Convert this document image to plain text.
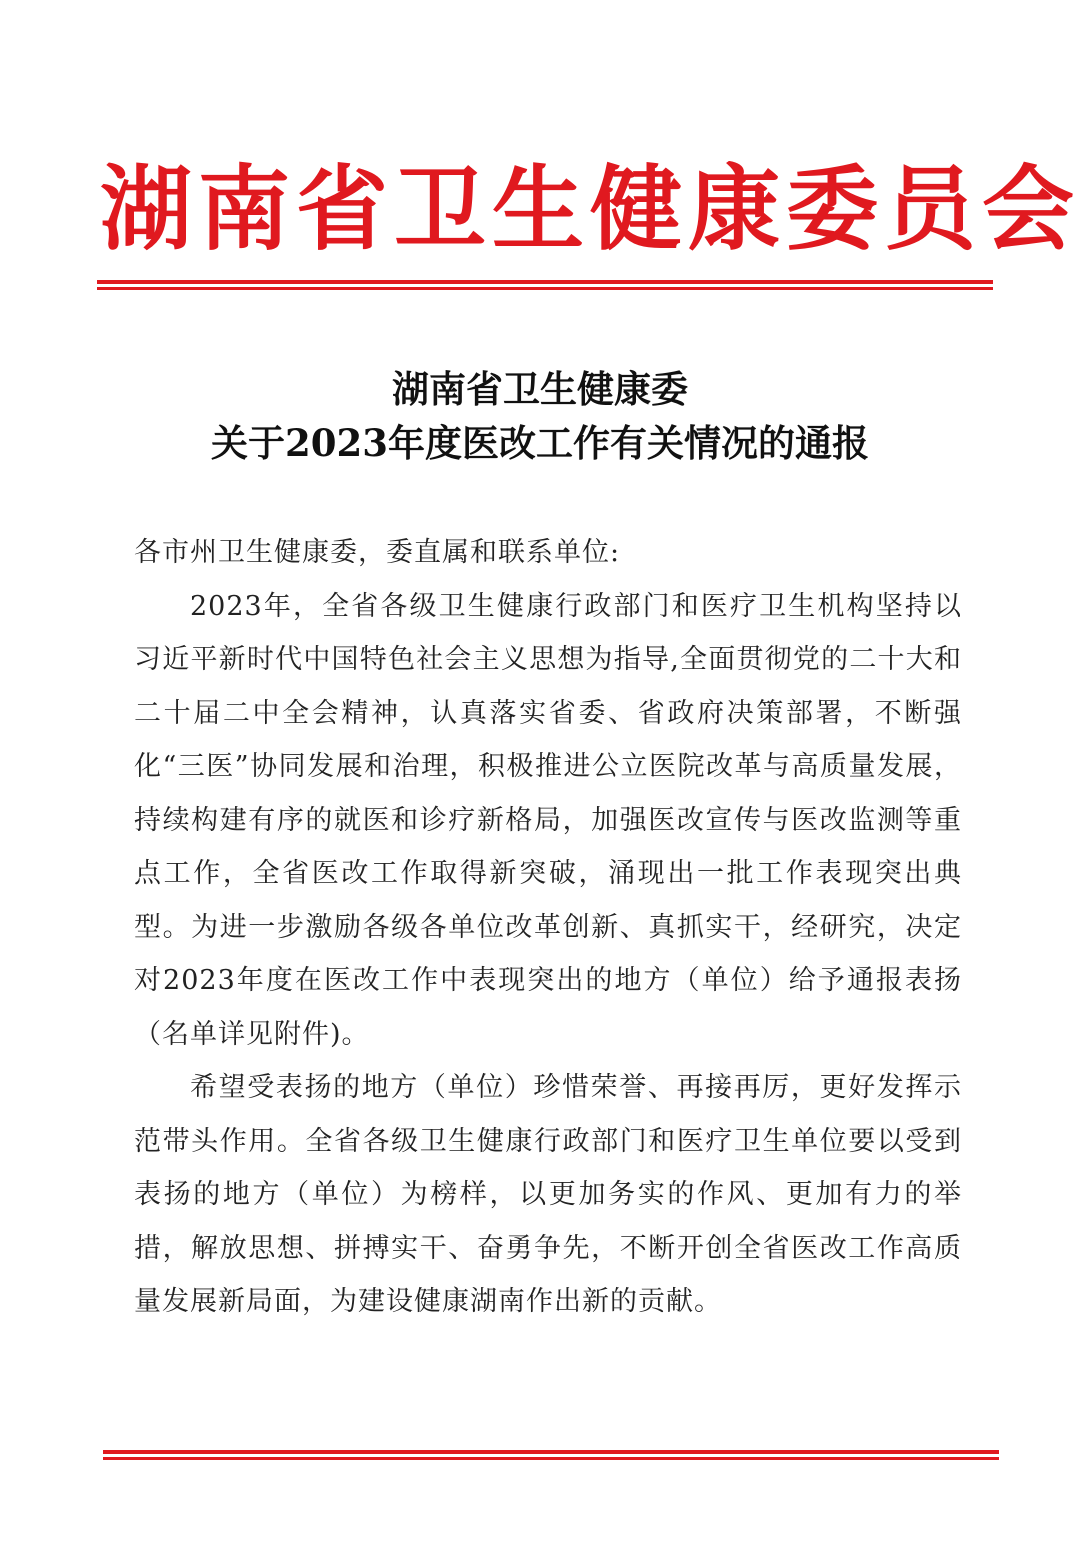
湖南省卫生健康委员会
湖南省卫生健康委
关于2023年度医改工作有关情况的通报

各市州卫生健康委，委直属和联系单位:

2023年，全省各级卫生健康行政部门和医疗卫生机构坚持以习近平新时代中国特色社会主义思想为指导,全面贯彻党的二十大和二十届二中全会精神，认真落实省委、省政府决策部署，不断强化“三医”协同发展和治理，积极推进公立医院改革与高质量发展，持续构建有序的就医和诊疗新格局，加强医改宣传与医改监测等重点工作，全省医改工作取得新突破，涌现出一批工作表现突出典型。为进一步激励各级各单位改革创新、真抓实干，经研究，决定对2023年度在医改工作中表现突出的地方（单位）给予通报表扬（名单详见附件)。

希望受表扬的地方（单位）珍惜荣誉、再接再厉，更好发挥示范带头作用。全省各级卫生健康行政部门和医疗卫生单位要以受到表扬的地方（单位）为榜样，以更加务实的作风、更加有力的举措，解放思想、拼搏实干、奋勇争先，不断开创全省医改工作高质量发展新局面，为建设健康湖南作出新的贡献。
